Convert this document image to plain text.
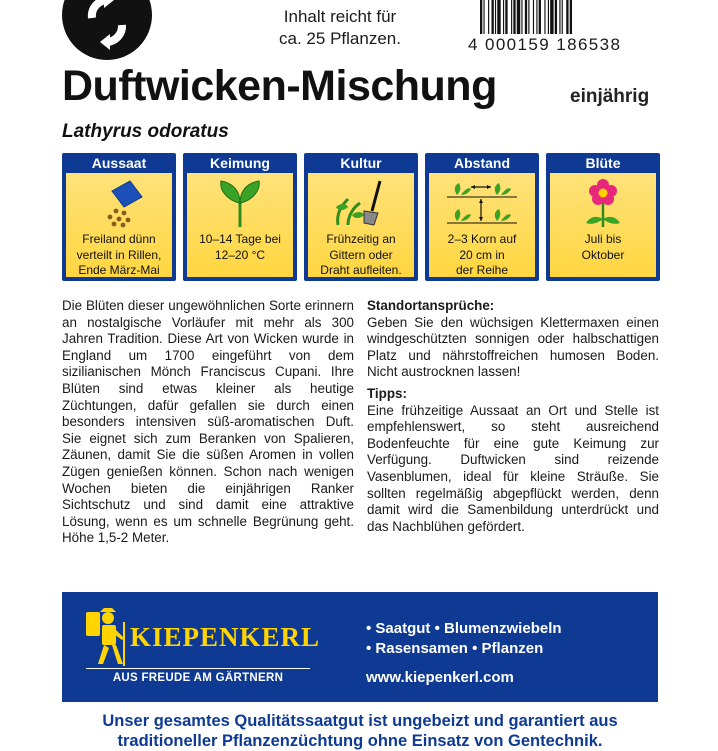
Inhalt reicht für
ca. 25 Pflanzen.	4 000159 186538
Duftwicken-Mischung	einjährig
Lathyrus odoratus
Aussaat
Freiland dünn
verteilt in Rillen,
Ende März-Mai
Keimung
10–14 Tage bei
12–20 °C
Kultur
Frühzeitig an
Gittern oder
Draht aufleiten.
Abstand
2–3 Korn auf
20 cm in
der Reihe
Blüte
Juli bis
Oktober

Die Blüten dieser ungewöhnlichen Sorte erinnern an nostalgische Vorläufer mit mehr als 300 Jahren Tradition. Diese Art von Wicken wurde in England um 1700 eingeführt von dem sizilianischen Mönch Franciscus Cupani. Ihre Blüten sind etwas kleiner als heutige Züchtungen, dafür gefallen sie durch einen besonders intensiven süß-aromatischen Duft. Sie eignet sich zum Beranken von Spalieren, Zäunen, damit Sie die süßen Aromen in vollen Zügen genießen können. Schon nach wenigen Wochen bieten die einjährigen Ranker Sichtschutz und sind damit eine attraktive Lösung, wenn es um schnelle Begrünung geht. Höhe 1,5-2 Meter.

Standortansprüche:

Geben Sie den wüchsigen Klettermaxen einen windgeschützten sonnigen oder halbschattigen Platz und nährstoffreichen humosen Boden. Nicht austrocknen lassen!

Tipps:

Eine frühzeitige Aussaat an Ort und Stelle ist empfehlenswert, so steht ausreichend Bodenfeuchte für eine gute Keimung zur Verfügung. Duftwicken sind reizende Vasenblumen, ideal für kleine Sträuße. Sie sollten regelmäßig abgepflückt werden, denn damit wird die Samenbildung unterdrückt und das Nachblühen gefördert.

KIEPENKERL
AUS FREUDE AM GÄRTNERN
• Saatgut • Blumenzwiebeln
• Rasensamen • Pflanzen
www.kiepenkerl.com
Unser gesamtes Qualitätssaatgut ist ungebeizt und garantiert aus
traditioneller Pflanzenzüchtung ohne Einsatz von Gentechnik.
